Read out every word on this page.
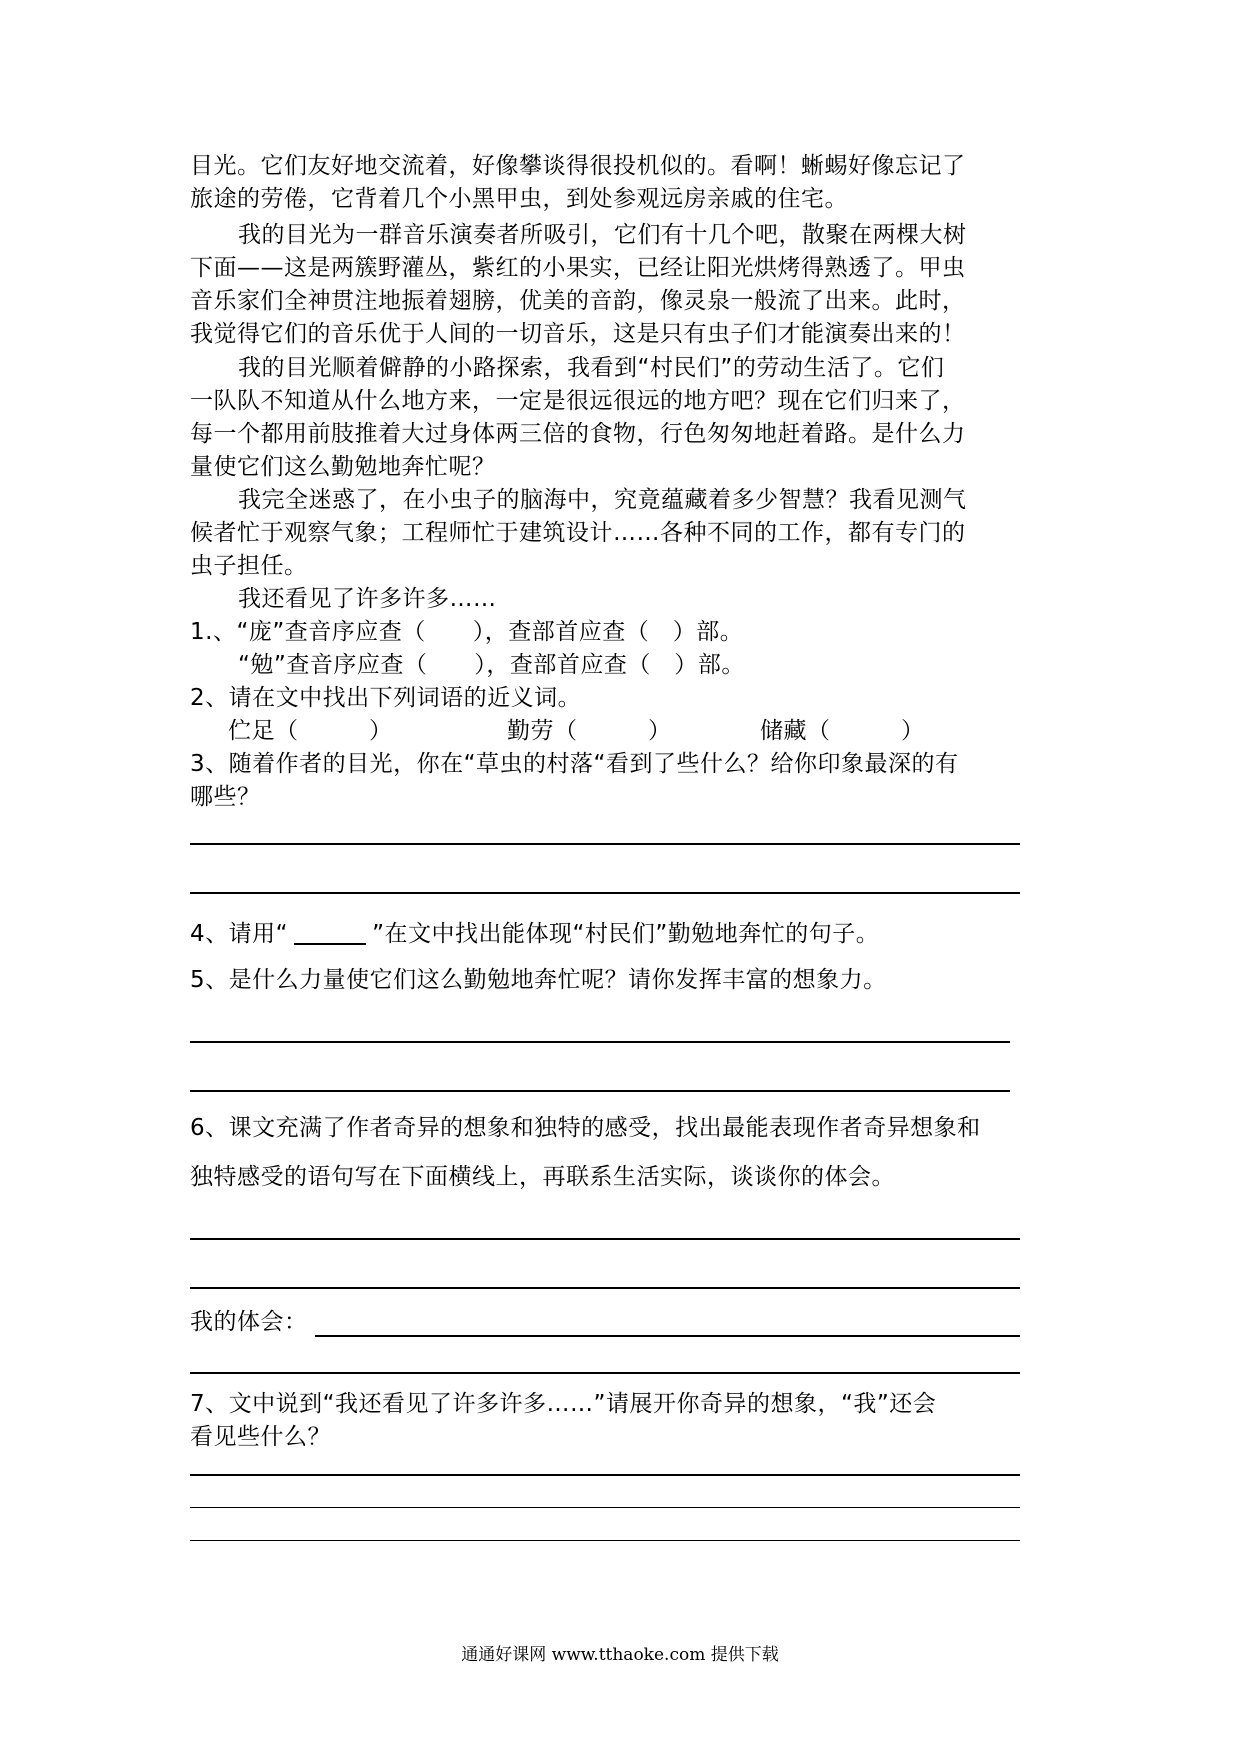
目光。它们友好地交流着，好像攀谈得很投机似的。看啊！蜥蜴好像忘记了
旅途的劳倦，它背着几个小黑甲虫，到处参观远房亲戚的住宅。
我的目光为一群音乐演奏者所吸引，它们有十几个吧，散聚在两棵大树
下面——这是两簇野灌丛，紫红的小果实，已经让阳光烘烤得熟透了。甲虫
音乐家们全神贯注地振着翅膀，优美的音韵，像灵泉一般流了出来。此时，
我觉得它们的音乐优于人间的一切音乐，这是只有虫子们才能演奏出来的！
我的目光顺着僻静的小路探索，我看到“村民们”的劳动生活了。它们
一队队不知道从什么地方来，一定是很远很远的地方吧？现在它们归来了，
每一个都用前肢推着大过身体两三倍的食物，行色匆匆地赶着路。是什么力
量使它们这么勤勉地奔忙呢？
我完全迷惑了，在小虫子的脑海中，究竟蕴藏着多少智慧？我看见测气
候者忙于观察气象；工程师忙于建筑设计……各种不同的工作，都有专门的
虫子担任。
我还看见了许多许多……
1.、“庞”查音序应查（　　），查部首应查（　）部。
“勉”查音序应查（　　），查部首应查（　）部。
2、请在文中找出下列词语的近义词。
伫足（　　　）	勤劳（　　　）	储藏（　　　）
3、随着作者的目光，你在“草虫的村落“看到了些什么？给你印象最深的有
哪些？
4、请用“	”在文中找出能体现“村民们”勤勉地奔忙的句子。
5、是什么力量使它们这么勤勉地奔忙呢？请你发挥丰富的想象力。
6、课文充满了作者奇异的想象和独特的感受，找出最能表现作者奇异想象和
独特感受的语句写在下面横线上，再联系生活实际，谈谈你的体会。
我的体会：
7、文中说到“我还看见了许多许多……”请展开你奇异的想象，“我”还会
看见些什么？
通通好课网 www.tthaoke.com 提供下载
